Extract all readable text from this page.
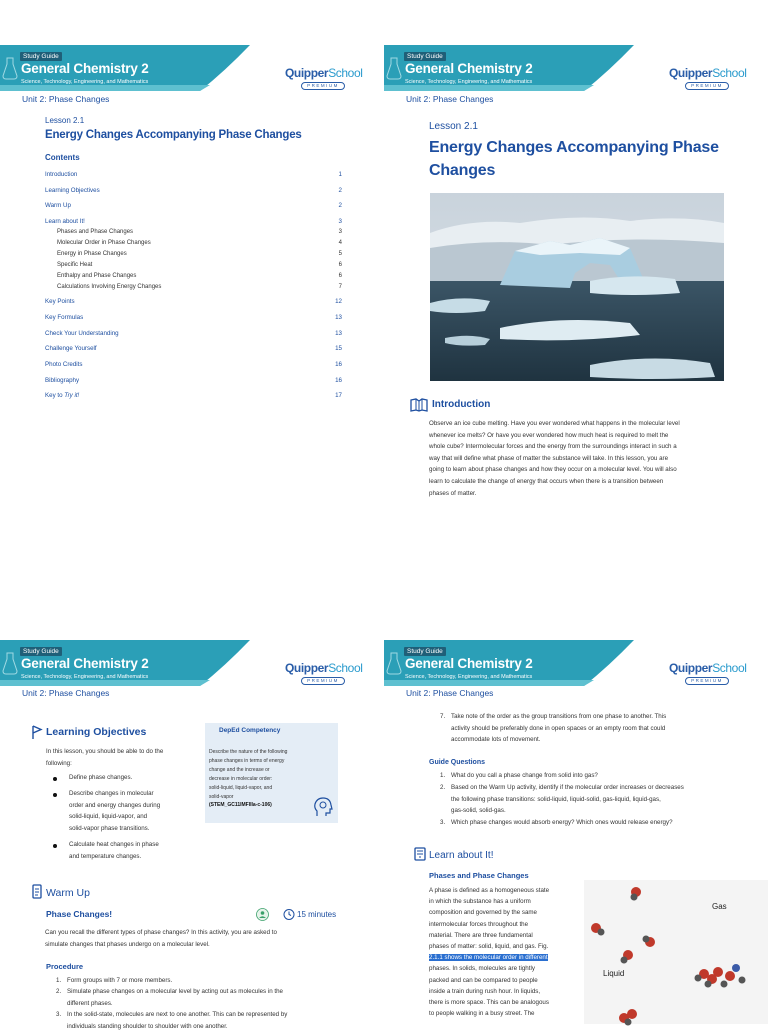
Study Guide
General Chemistry 2
Science, Technology, Engineering, and Mathematics
QuipperSchool
PREMIUM
Unit 2: Phase Changes
Lesson 2.1
Energy Changes Accompanying Phase Changes
Contents
Introduction	1
Learning Objectives	2
Warm Up	2
Learn about It!	3
Phases and Phase Changes	3
Molecular Order in Phase Changes	4
Energy in Phase Changes	5
Specific Heat	6
Enthalpy and Phase Changes	6
Calculations Involving Energy Changes	7
Key Points	12
Key Formulas	13
Check Your Understanding	13
Challenge Yourself	15
Photo Credits	16
Bibliography	16
Key to Try it!	17
Study Guide
General Chemistry 2
Science, Technology, Engineering, and Mathematics
QuipperSchool
PREMIUM
Unit 2: Phase Changes
Lesson 2.1
Energy Changes Accompanying Phase Changes
Introduction
Observe an ice cube melting. Have you ever wondered what happens in the molecular level
whenever ice melts? Or have you ever wondered how much heat is required to melt the
whole cube? Intermolecular forces and the energy from the surroundings interact in such a
way that will define what phase of matter the substance will take. In this lesson, you are
going to learn about phase changes and how they occur on a molecular level. You will also
learn to calculate the change of energy that occurs when there is a transition between
phases of matter.
Study Guide
General Chemistry 2
Science, Technology, Engineering, and Mathematics
QuipperSchool
PREMIUM
Unit 2: Phase Changes
Learning Objectives
In this lesson, you should be able to do the
following:
Define phase changes.
Describe changes in molecular
order and energy changes during
solid-liquid, liquid-vapor, and
solid-vapor phase transitions.
Calculate heat changes in phase
and temperature changes.
DepEd Competency
Describe the nature of the following
phase changes in terms of energy
change and the increase or
decrease in molecular order:
solid-liquid, liquid-vapor, and
solid-vapor
(STEM_GC11IMFIIIa-c-106)
Warm Up
Phase Changes!	15 minutes
Can you recall the different types of phase changes? In this activity, you are asked to
simulate changes that phases undergo on a molecular level.
Procedure
1. Form groups with 7 or more members.
2. Simulate phase changes on a molecular level by acting out as molecules in the
different phases.
3. In the solid-state, molecules are next to one another. This can be represented by
individuals standing shoulder to shoulder with one another.
Study Guide
General Chemistry 2
Science, Technology, Engineering, and Mathematics
QuipperSchool
PREMIUM
Unit 2: Phase Changes
7. Take note of the order as the group transitions from one phase to another. This
activity should be preferably done in open spaces or an empty room that could
accommodate lots of movement.
Guide Questions
1. What do you call a phase change from solid into gas?
2. Based on the Warm Up activity, identify if the molecular order increases or decreases
the following phase transitions: solid-liquid, liquid-solid, gas-liquid, liquid-gas,
gas-solid, solid-gas.
3. Which phase changes would absorb energy? Which ones would release energy?
Learn about It!
Phases and Phase Changes
A phase is defined as a homogeneous state
in which the substance has a uniform
composition and governed by the same
intermolecular forces throughout the
material. There are three fundamental
phases of matter: solid, liquid, and gas. Fig.
2.1.1 shows the molecular order in different
phases. In solids, molecules are tightly
packed and can be compared to people
inside a train during rush hour. In liquids,
there is more space. This can be analogous
to people walking in a busy street. The
Gas
Liquid
